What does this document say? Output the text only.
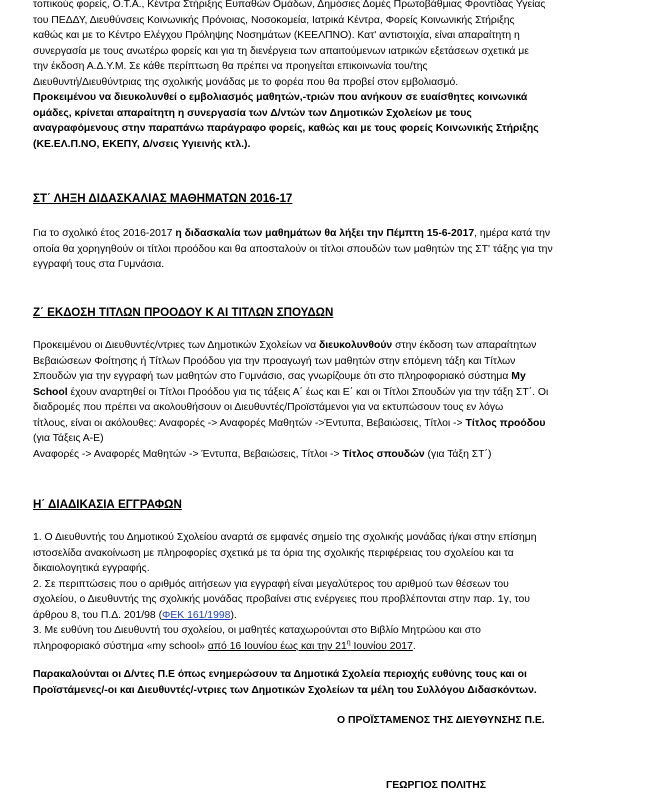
τοπικούς φορείς, Ο.Τ.Α., Κέντρα Στήριξης Ευπαθών Ομάδων, Δημόσιες Δομές Πρωτοβάθμιας Φροντίδας Υγείας

του ΠΕΔΔΥ, Διευθύνσεις Κοινωνικής Πρόνοιας, Νοσοκομεία, Ιατρικά Κέντρα, Φορείς Κοινωνικής Στήριξης

καθώς και με το Κέντρο Ελέγχου Πρόληψης Νοσημάτων (ΚΕΕΛΠΝΟ). Κατ' αντιστοιχία, είναι απαραίτητη η

συνεργασία με τους ανωτέρω φορείς και για τη διενέργεια των απαιτούμενων ιατρικών εξετάσεων σχετικά με

την έκδοση Α.Δ.Υ.Μ. Σε κάθε περίπτωση θα πρέπει να προηγείται επικοινωνία του/της

Διευθυντή/Διευθύντριας της σχολικής μονάδας με το φορέα που θα προβεί στον εμβολιασμό.

Προκειμένου να διευκολυνθεί ο εμβολιασμός μαθητών,-τριών που ανήκουν σε ευαίσθητες κοινωνικά

ομάδες, κρίνεται απαραίτητη η συνεργασία των Δ/ντών των Δημοτικών Σχολείων με τους

αναγραφόμενους στην παραπάνω παράγραφο φορείς, καθώς και με τους φορείς Κοινωνικής Στήριξης

(ΚΕ.ΕΛ.Π.ΝΟ, ΕΚΕΠΥ, Δ/νσεις Υγιεινής κτλ.).

ΣΤ΄ ΛΗΞΗ ΔΙΔΑΣΚΑΛΙΑΣ ΜΑΘΗΜΑΤΩΝ 2016-17

Για το σχολικό έτος 2016-2017 η διδασκαλία των μαθημάτων θα λήξει την Πέμπτη 15-6-2017, ημέρα κατά την

οποία θα χορηγηθούν οι τίτλοι προόδου και θα αποσταλούν οι τίτλοι σπουδών των μαθητών της ΣΤ' τάξης για την

εγγραφή τους στα Γυμνάσια.

Ζ΄ ΕΚΔΟΣΗ ΤΙΤΛΩΝ ΠΡΟΟΔΟΥ Κ ΑΙ ΤΙΤΛΩΝ ΣΠΟΥΔΩΝ

Προκειμένου οι Διευθυντές/ντριες των Δημοτικών Σχολείων να διευκολυνθούν στην έκδοση των απαραίτητων

Βεβαιώσεων Φοίτησης ή Τίτλων Προόδου για την προαγωγή των μαθητών στην επόμενη τάξη και Τίτλων

Σπουδών για την εγγραφή των μαθητών στο Γυμνάσιο, σας γνωρίζουμε ότι στο πληροφοριακό σύστημα My

School έχουν αναρτηθεί οι Τίτλοι Προόδου για τις τάξεις Α΄ έως και Ε΄ και οι Τίτλοι Σπουδών για την τάξη ΣΤ΄. Οι

διαδρομές που πρέπει να ακολουθήσουν οι Διευθυντές/Προϊστάμενοι για να εκτυπώσουν τους εν λόγω

τίτλους, είναι οι ακόλουθες: Αναφορές -> Αναφορές Μαθητών ->Έντυπα, Βεβαιώσεις, Τίτλοι -> Τίτλος προόδου

(για Τάξεις Α-Ε)

Αναφορές -> Αναφορές Μαθητών -> Έντυπα, Βεβαιώσεις, Τίτλοι -> Τίτλος σπουδών (για Τάξη ΣΤ΄)

Η΄ ΔΙΑΔΙΚΑΣΙΑ ΕΓΓΡΑΦΩΝ

1. Ο Διευθυντής του Δημοτικού Σχολείου αναρτά σε εμφανές σημείο της σχολικής μονάδας ή/και στην επίσημη

ιστοσελίδα ανακοίνωση με πληροφορίες σχετικά με τα όρια της σχολικής περιφέρειας του σχολείου και τα

δικαιολογητικά εγγραφής.

2. Σε περιπτώσεις που ο αριθμός αιτήσεων για εγγραφή είναι μεγαλύτερος του αριθμού των θέσεων του

σχολείου, ο Διευθυντής της σχολικής μονάδας προβαίνει στις ενέργειες που προβλέπονται στην παρ. 1γ, του

άρθρου 8, του Π.Δ. 201/98 (ΦΕΚ 161/1998).

3. Με ευθύνη του Διευθυντή του σχολείου, οι μαθητές καταχωρούνται στο Βιβλίο Μητρώου και στο

πληροφοριακό σύστημα «my school» από 16 Ιουνίου έως και την $21^\eta$ Ιουνίου 2017.

Παρακαλούνται οι Δ/ντες Π.Ε όπως ενημερώσουν τα Δημοτικά Σχολεία περιοχής ευθύνης τους και οι

Προϊστάμενες/-οι και Διευθυντές/-ντριες των Δημοτικών Σχολείων τα μέλη του Συλλόγου Διδασκόντων.

Ο ΠΡΟΪΣΤΑΜΕΝΟΣ ΤΗΣ ΔΙΕΥΘΥΝΣΗΣ Π.Ε.
ΓΕΩΡΓΙΟΣ ΠΟΛΙΤΗΣ
